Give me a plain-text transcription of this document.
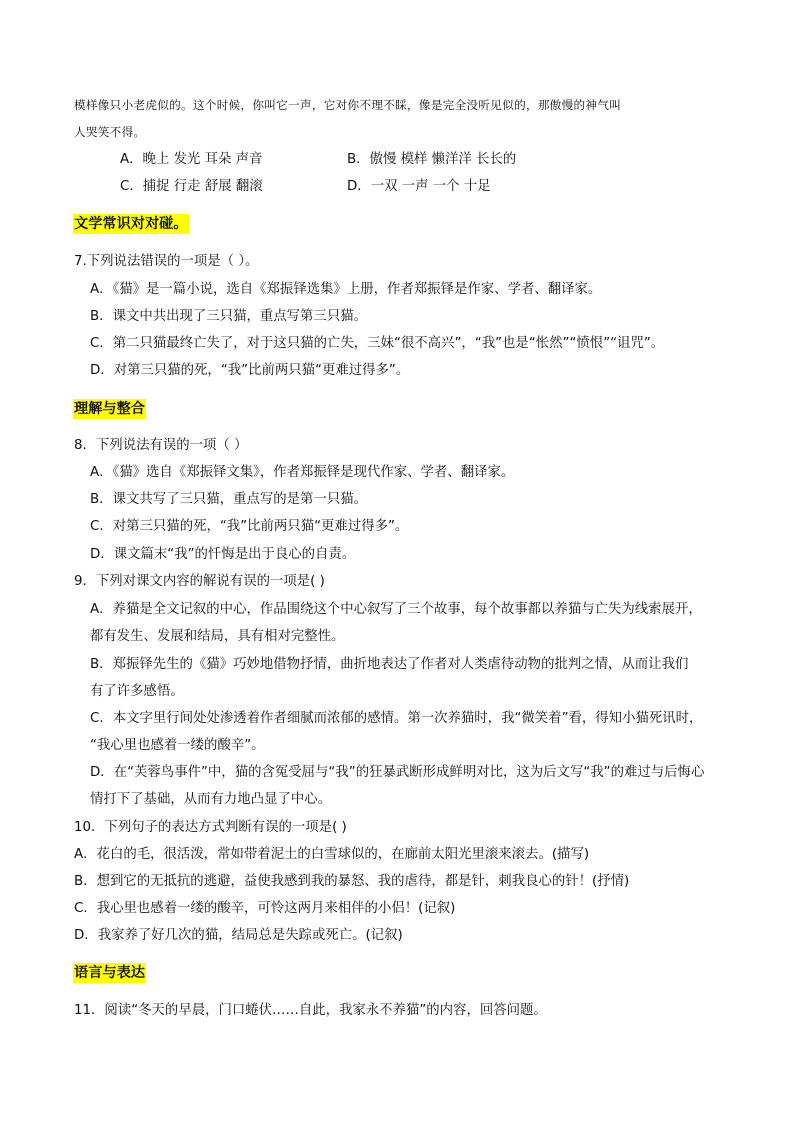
模样像只小老虎似的。这个时候，你叫它一声，它对你不理不睬，像是完全没听见似的，那傲慢的神气叫
人哭笑不得。
A．晚上 发光 耳朵 声音	B．傲慢 模样 懒洋洋 长长的
C．捕捉 行走 舒展 翻滚	D．一双 一声 一个 十足
文学常识对对碰。
7.下列说法错误的一项是（ ）。
A．《猫》是一篇小说，选自《郑振铎选集》上册，作者郑振铎是作家、学者、翻译家。
B．课文中共出现了三只猫，重点写第三只猫。
C．第二只猫最终亡失了，对于这只猫的亡失，三妹“很不高兴”，“我”也是“怅然”“愤恨”“诅咒”。
D．对第三只猫的死，“我”比前两只猫“更难过得多”。
理解与整合
8．下列说法有误的一项（ ）
A．《猫》选自《郑振铎文集》，作者郑振铎是现代作家、学者、翻译家。
B．课文共写了三只猫，重点写的是第一只猫。
C．对第三只猫的死，“我”比前两只猫“更难过得多”。
D．课文篇末“我”的忏悔是出于良心的自责。
9．下列对课文内容的解说有误的一项是( )
A．养猫是全文记叙的中心，作品围绕这个中心叙写了三个故事，每个故事都以养猫与亡失为线索展开，
都有发生、发展和结局，具有相对完整性。
B．郑振铎先生的《猫》巧妙地借物抒情，曲折地表达了作者对人类虐待动物的批判之情，从而让我们
有了许多感悟。
C．本文字里行间处处渗透着作者细腻而浓郁的感情。第一次养猫时，我“微笑着”看，得知小猫死讯时，
“我心里也感着一缕的酸辛”。
D．在“芙蓉鸟事件”中，猫的含冤受屈与“我”的狂暴武断形成鲜明对比，这为后文写“我”的难过与后悔心
情打下了基础，从而有力地凸显了中心。
10．下列句子的表达方式判断有误的一项是( )
A．花白的毛，很活泼，常如带着泥土的白雪球似的，在廊前太阳光里滚来滚去。(描写)
B．想到它的无抵抗的逃避，益使我感到我的暴怒、我的虐待，都是针，刺我良心的针！(抒情)
C．我心里也感着一缕的酸辛，可怜这两月来相伴的小侣！(记叙)
D．我家养了好几次的猫，结局总是失踪或死亡。(记叙)
语言与表达
11．阅读“冬天的早晨，门口蜷伏……自此，我家永不养猫”的内容，回答问题。
